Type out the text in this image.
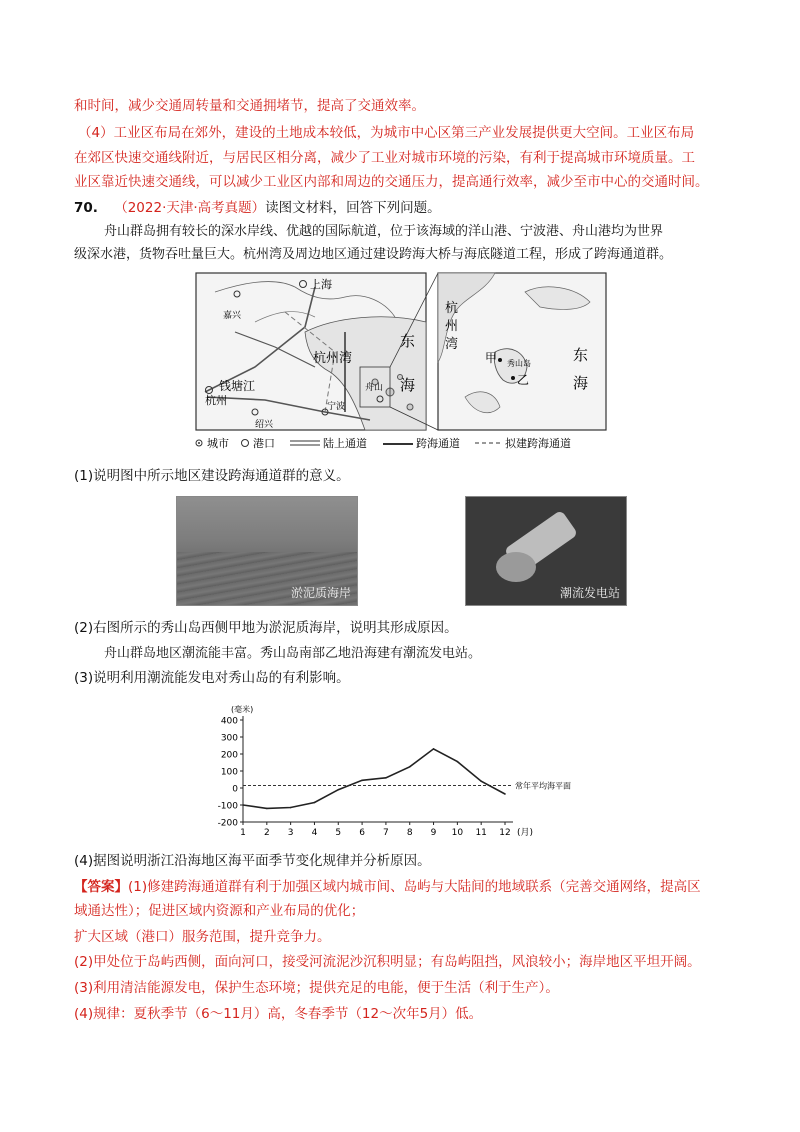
和时间，减少交通周转量和交通拥堵节，提高了交通效率。
（4）工业区布局在郊外，建设的土地成本较低，为城市中心区第三产业发展提供更大空间。工业区布局
在郊区快速交通线附近，与居民区相分离，减少了工业对城市环境的污染，有利于提高城市环境质量。工
业区靠近快速交通线，可以减少工业区内部和周边的交通压力，提高通行效率，减少至市中心的交通时间。
70. （2022·天津·高考真题）读图文材料，回答下列问题。
舟山群岛拥有较长的深水岸线、优越的国际航道，位于该海域的洋山港、宁波港、舟山港均为世界
级深水港，货物吞吐量巨大。杭州湾及周边地区通过建设跨海大桥与海底隧道工程，形成了跨海通道群。
上海
嘉兴
杭州湾
钱塘江
杭州
绍兴
宁波
舟山
东
海
杭
州
湾
甲 秀山岛
乙
东
海
城市 港口	陆上通道	跨海通道	拟建跨海通道
(1)说明图中所示地区建设跨海通道群的意义。
淤泥质海岸	潮流发电站
(2)右图所示的秀山岛西侧甲地为淤泥质海岸，说明其形成原因。
舟山群岛地区潮流能丰富。秀山岛南部乙地沿海建有潮流发电站。
(3)说明利用潮流能发电对秀山岛的有利影响。
400
300
200
100
0
-100
-200
(毫米)
1 2 3 4 5 6 7 8 9 10 11 12 (月)
常年平均海平面
(4)据图说明浙江沿海地区海平面季节变化规律并分析原因。
【答案】(1)修建跨海通道群有利于加强区域内城市间、岛屿与大陆间的地域联系（完善交通网络，提高区
域通达性）；促进区域内资源和产业布局的优化；
扩大区域（港口）服务范围，提升竞争力。
(2)甲处位于岛屿西侧，面向河口，接受河流泥沙沉积明显；有岛屿阻挡，风浪较小；海岸地区平坦开阔。
(3)利用清洁能源发电，保护生态环境；提供充足的电能，便于生活（利于生产）。
(4)规律：夏秋季节（6～11月）高，冬春季节（12～次年5月）低。
